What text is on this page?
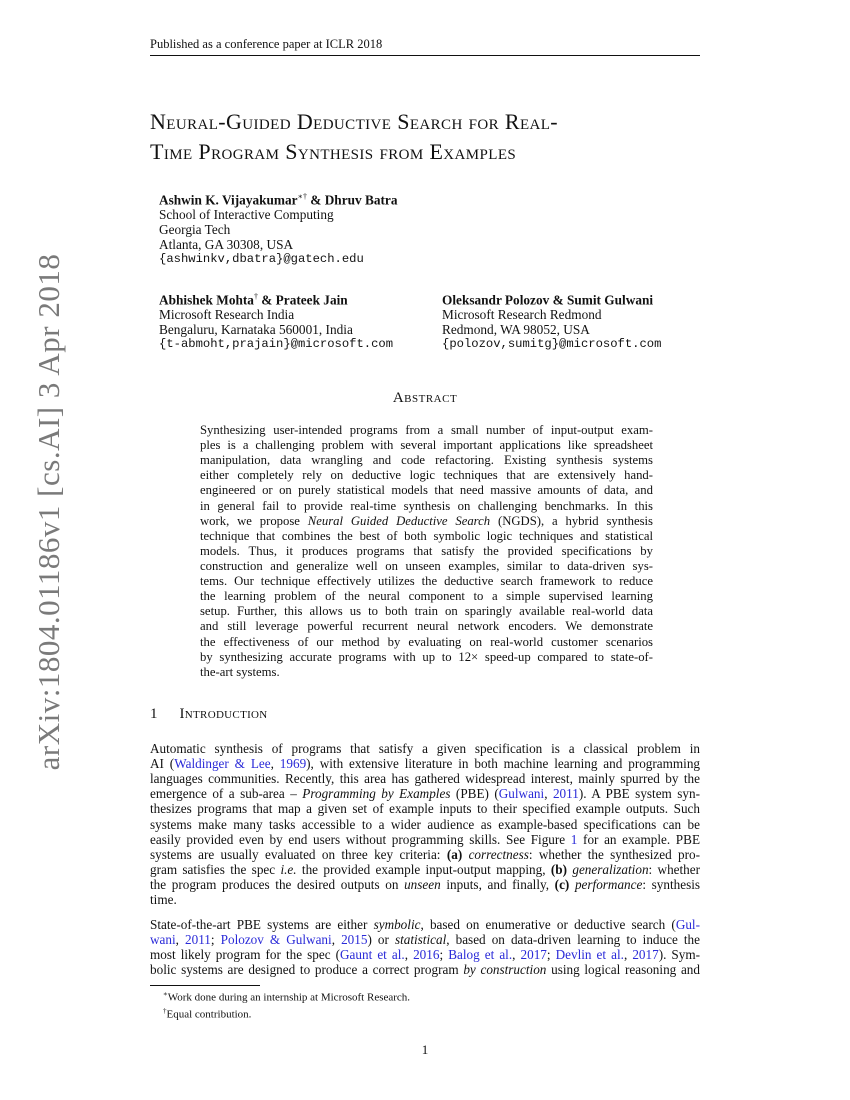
Published as a conference paper at ICLR 2018
arXiv:1804.01186v1 [cs.AI] 3 Apr 2018
Neural-Guided Deductive Search for Real-
Time Program Synthesis from Examples
Ashwin K. Vijayakumar∗† & Dhruv Batra
School of Interactive Computing
Georgia Tech
Atlanta, GA 30308, USA
{ashwinkv,dbatra}@gatech.edu
Abhishek Mohta† & Prateek Jain
Microsoft Research India
Bengaluru, Karnataka 560001, India
{t-abmoht,prajain}@microsoft.com
Oleksandr Polozov & Sumit Gulwani
Microsoft Research Redmond
Redmond, WA 98052, USA
{polozov,sumitg}@microsoft.com
Abstract
Synthesizing user-intended programs from a small number of input-output exam-
ples is a challenging problem with several important applications like spreadsheet
manipulation, data wrangling and code refactoring. Existing synthesis systems
either completely rely on deductive logic techniques that are extensively hand-
engineered or on purely statistical models that need massive amounts of data, and
in general fail to provide real-time synthesis on challenging benchmarks. In this
work, we propose Neural Guided Deductive Search (NGDS), a hybrid synthesis
technique that combines the best of both symbolic logic techniques and statistical
models. Thus, it produces programs that satisfy the provided specifications by
construction and generalize well on unseen examples, similar to data-driven sys-
tems. Our technique effectively utilizes the deductive search framework to reduce
the learning problem of the neural component to a simple supervised learning
setup. Further, this allows us to both train on sparingly available real-world data
and still leverage powerful recurrent neural network encoders. We demonstrate
the effectiveness of our method by evaluating on real-world customer scenarios
by synthesizing accurate programs with up to 12× speed-up compared to state-of-
the-art systems.
1 Introduction
Automatic synthesis of programs that satisfy a given specification is a classical problem in
AI (Waldinger & Lee, 1969), with extensive literature in both machine learning and programming
languages communities. Recently, this area has gathered widespread interest, mainly spurred by the
emergence of a sub-area – Programming by Examples (PBE) (Gulwani, 2011). A PBE system syn-
thesizes programs that map a given set of example inputs to their specified example outputs. Such
systems make many tasks accessible to a wider audience as example-based specifications can be
easily provided even by end users without programming skills. See Figure 1 for an example. PBE
systems are usually evaluated on three key criteria: (a) correctness: whether the synthesized pro-
gram satisfies the spec i.e. the provided example input-output mapping, (b) generalization: whether
the program produces the desired outputs on unseen inputs, and finally, (c) performance: synthesis
time.
State-of-the-art PBE systems are either symbolic, based on enumerative or deductive search (Gul-
wani, 2011; Polozov & Gulwani, 2015) or statistical, based on data-driven learning to induce the
most likely program for the spec (Gaunt et al., 2016; Balog et al., 2017; Devlin et al., 2017). Sym-
bolic systems are designed to produce a correct program by construction using logical reasoning and
∗Work done during an internship at Microsoft Research.
†Equal contribution.
1
